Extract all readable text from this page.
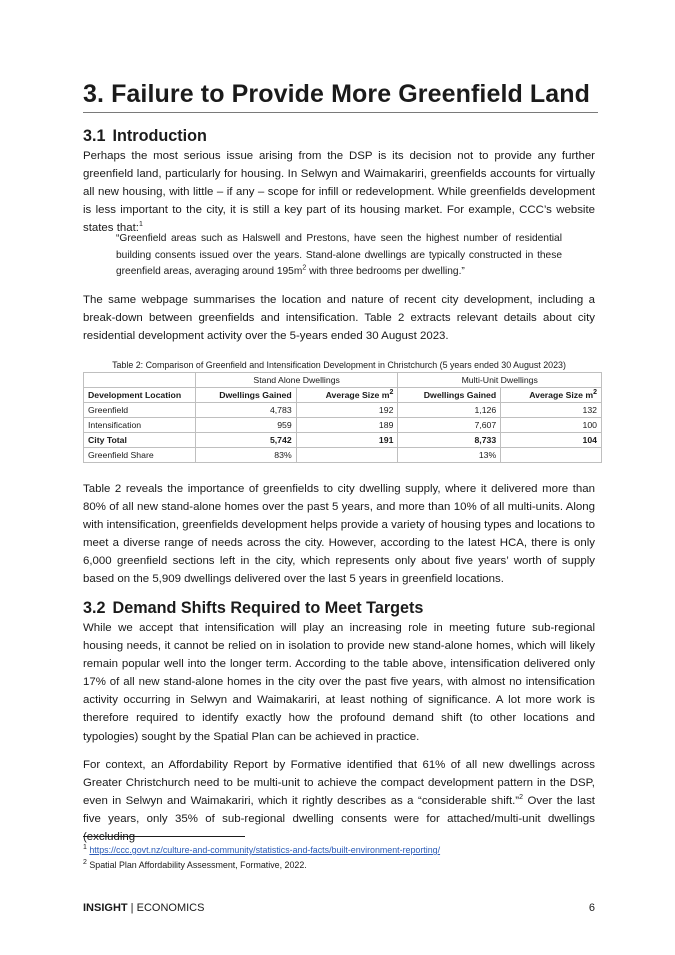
3. Failure to Provide More Greenfield Land
3.1 Introduction

Perhaps the most serious issue arising from the DSP is its decision not to provide any further greenfield land, particularly for housing. In Selwyn and Waimakariri, greenfields accounts for virtually all new housing, with little – if any – scope for infill or redevelopment. While greenfields development is less important to the city, it is still a key part of its housing market. For example, CCC’s website states that:$^1$

“Greenfield areas such as Halswell and Prestons, have seen the highest number of residential building consents issued over the years. Stand-alone dwellings are typically constructed in these greenfield areas, averaging around $195m^2$ with three bedrooms per dwelling.”

The same webpage summarises the location and nature of recent city development, including a break-down between greenfields and intensification. Table 2 extracts relevant details about city residential development activity over the 5-years ended 30 August 2023.

Table 2: Comparison of Greenfield and Intensification Development in Christchurch (5 years ended 30 August 2023)

	Stand Alone Dwellings		Multi-Unit Dwellings	
Development Location	Dwellings Gained	Average Size $m^2$	Dwellings Gained	Average Size $m^2$
Greenfield	4,783	192	1,126	132
Intensification	959	189	7,607	100
City Total	5,742	191	8,733	104
Greenfield Share	83%		13%	

Table 2 reveals the importance of greenfields to city dwelling supply, where it delivered more than 80% of all new stand-alone homes over the past 5 years, and more than 10% of all multi-units. Along with intensification, greenfields development helps provide a variety of housing types and locations to meet a diverse range of needs across the city. However, according to the latest HCA, there is only 6,000 greenfield sections left in the city, which represents only about five years’ worth of supply based on the 5,909 dwellings delivered over the last 5 years in greenfield locations.

3.2 Demand Shifts Required to Meet Targets

While we accept that intensification will play an increasing role in meeting future sub-regional housing needs, it cannot be relied on in isolation to provide new stand-alone homes, which will likely remain popular well into the longer term. According to the table above, intensification delivered only 17% of all new stand-alone homes in the city over the past five years, with almost no intensification activity occurring in Selwyn and Waimakariri, at least nothing of significance. A lot more work is therefore required to identify exactly how the profound demand shift (to other locations and typologies) sought by the Spatial Plan can be achieved in practice.

For context, an Affordability Report by Formative identified that 61% of all new dwellings across Greater Christchurch need to be multi-unit to achieve the compact development pattern in the DSP, even in Selwyn and Waimakariri, which it rightly describes as a “considerable shift.”$^2$ Over the last five years, only 35% of sub-regional dwelling consents were for attached/multi-unit dwellings (excluding

$^1$ https://ccc.govt.nz/culture-and-community/statistics-and-facts/built-environment-reporting/

$^2$ Spatial Plan Affordability Assessment, Formative, 2022.

INSIGHT | ECONOMICS	6
